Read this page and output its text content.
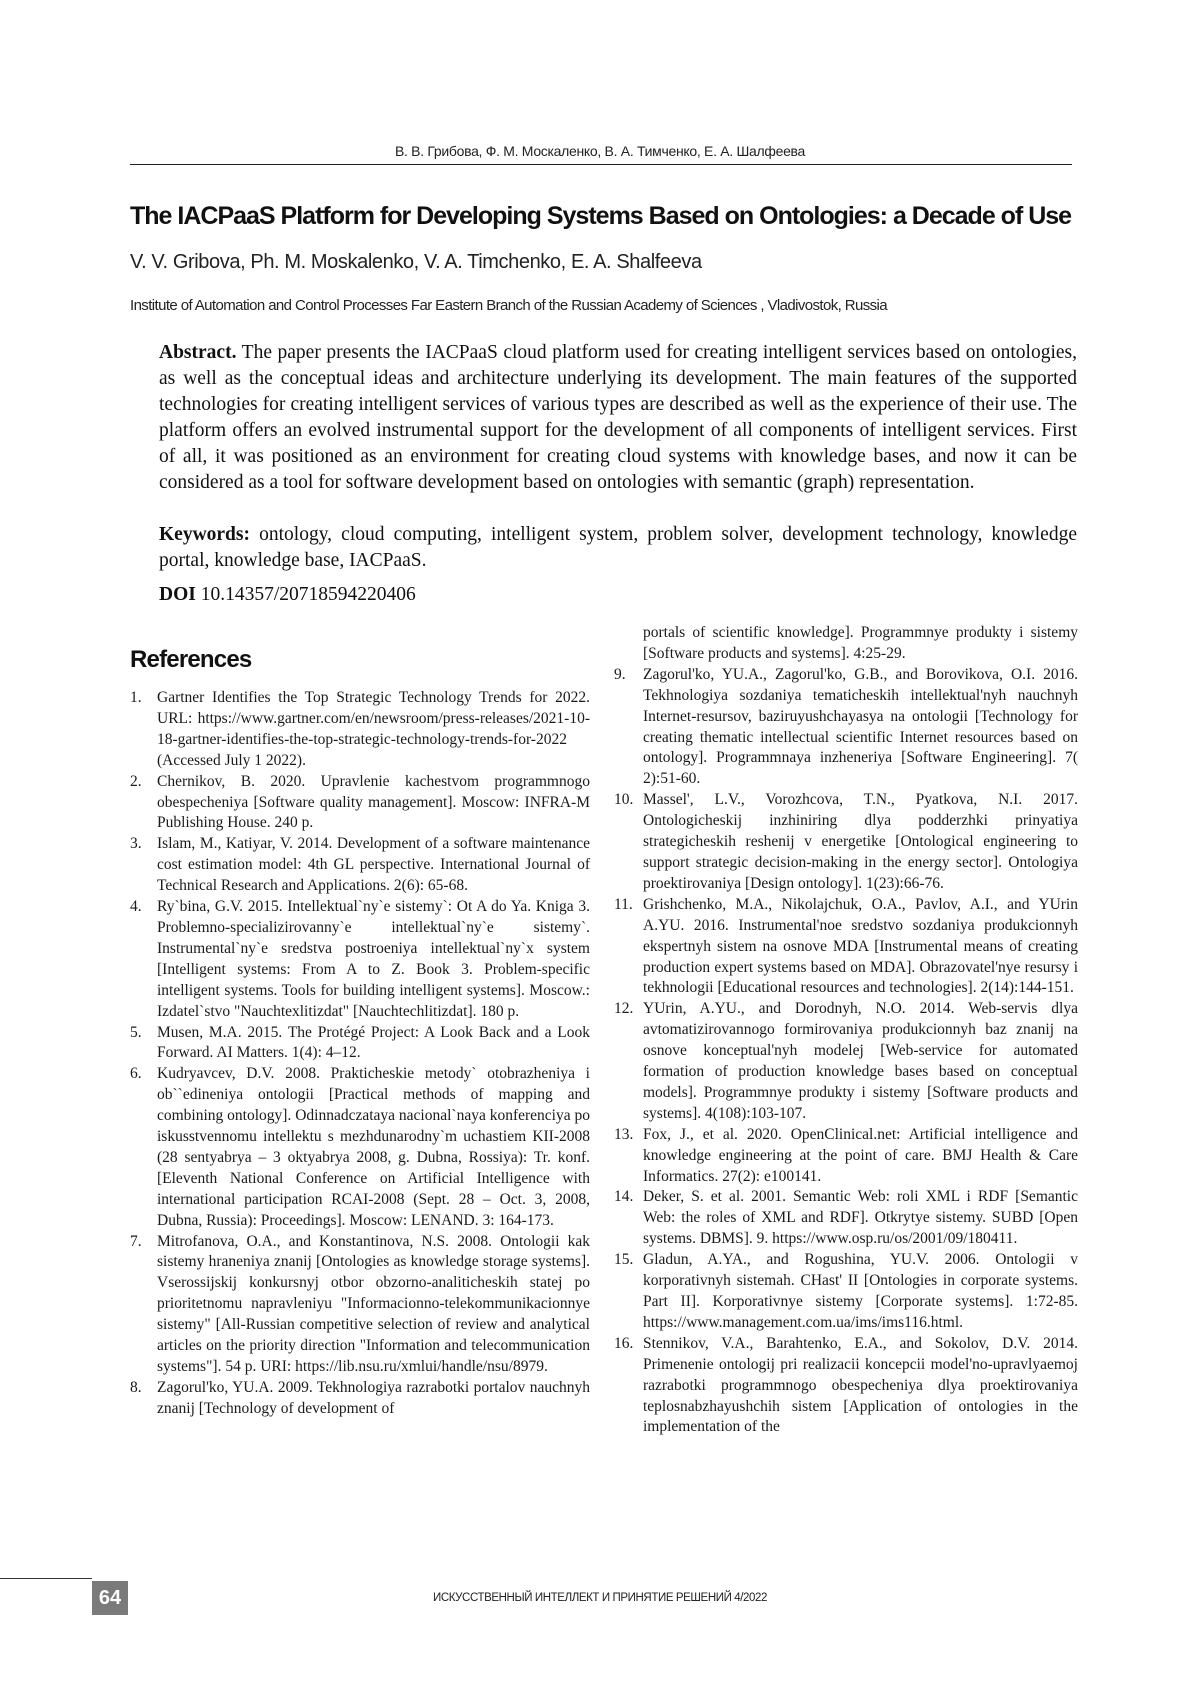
В. В. Грибова, Ф. М. Москаленко, В. А. Тимченко, Е. А. Шалфеева
The IACPaaS Platform for Developing Systems Based on Ontologies: a Decade of Use
V. V. Gribova, Ph. M. Moskalenko, V. A. Timchenko, E. A. Shalfeeva
Institute of Automation and Control Processes Far Eastern Branch of the Russian Academy of Sciences , Vladivostok, Russia

Abstract. The paper presents the IACPaaS cloud platform used for creating intelligent services based on ontologies, as well as the conceptual ideas and architecture underlying its development. The main features of the supported technologies for creating intelligent services of various types are described as well as the experience of their use. The platform offers an evolved instrumental support for the development of all components of intelligent services. First of all, it was positioned as an environment for creating cloud systems with knowledge bases, and now it can be considered as a tool for software development based on ontologies with semantic (graph) representation.

Keywords: ontology, cloud computing, intelligent system, problem solver, development technology, knowledge portal, knowledge base, IACPaaS.

DOI 10.14357/20718594220406
References
1. Gartner Identifies the Top Strategic Technology Trends for 2022. URL: https://www.gartner.com/en/newsroom/press-releases/2021-10-18-gartner-identifies-the-top-strategic-technology-trends-for-2022 (Accessed July 1 2022).
2. Chernikov, B. 2020. Upravlenie kachestvom programmnogo obespecheniya [Software quality management]. Moscow: INFRA-M Publishing House. 240 p.
3. Islam, M., Katiyar, V. 2014. Development of a software maintenance cost estimation model: 4th GL perspective. International Journal of Technical Research and Applications. 2(6): 65-68.
4. Ry`bina, G.V. 2015. Intellektual`ny`e sistemy`: Ot A do Ya. Kniga 3. Problemno-specializirovanny`e intellektual`ny`e sistemy`. Instrumental`ny`e sredstva postroeniya intellektual`ny`x system [Intelligent systems: From A to Z. Book 3. Problem-specific intelligent systems. Tools for building intelligent systems]. Moscow.: Izdatel`stvo "Nauchtexlitizdat" [Nauchtechlitizdat]. 180 p.
5. Musen, M.A. 2015. The Protégé Project: A Look Back and a Look Forward. AI Matters. 1(4): 4–12.
6. Kudryavcev, D.V. 2008. Prakticheskie metody` otobrazheniya i ob``edineniya ontologii [Practical methods of mapping and combining ontology]. Odinnadczataya nacional`naya konferenciya po iskusstvennomu intellektu s mezhdunarodny`m uchastiem KII-2008 (28 sentyabrya – 3 oktyabrya 2008, g. Dubna, Rossiya): Tr. konf. [Eleventh National Conference on Artificial Intelligence with international participation RCAI-2008 (Sept. 28 – Oct. 3, 2008, Dubna, Russia): Proceedings]. Moscow: LENAND. 3: 164-173.
7. Mitrofanova, O.A., and Konstantinova, N.S. 2008. Ontologii kak sistemy hraneniya znanij [Ontologies as knowledge storage systems]. Vserossijskij konkursnyj otbor obzorno-analiticheskih statej po prioritetnomu napravleniyu "Informacionno-telekommunikacionnye sistemy" [All-Russian competitive selection of review and analytical articles on the priority direction "Information and telecommunication systems"]. 54 p. URI: https://lib.nsu.ru/xmlui/handle/nsu/8979.
8. Zagorul'ko, YU.A. 2009. Tekhnologiya razrabotki portalov nauchnyh znanij [Technology of development of
portals of scientific knowledge]. Programmnye produkty i sistemy [Software products and systems]. 4:25-29.
9.	Zagorul'ko, YU.A., Zagorul'ko, G.B., and Borovikova, O.I. 2016. Tekhnologiya sozdaniya tematicheskih intellektual'nyh nauchnyh Internet-resursov, baziruyushchayasya na ontologii [Technology for creating thematic intellectual scientific Internet resources based on ontology]. Programmnaya inzheneriya [Software Engineering]. 7( 2):51-60.
10. Massel', L.V., Vorozhcova, T.N., Pyatkova, N.I. 2017. Ontologicheskij inzhiniring dlya podderzhki prinyatiya strategicheskih reshenij v energetike [Ontological engineering to support strategic decision-making in the energy sector]. Ontologiya proektirovaniya [Design ontology]. 1(23):66-76.
11. Grishchenko, M.A., Nikolajchuk, O.A., Pavlov, A.I., and YUrin A.YU. 2016. Instrumental'noe sredstvo sozdaniya produkcionnyh ekspertnyh sistem na osnove MDA [Instrumental means of creating production expert systems based on MDA]. Obrazovatel'nye resursy i tekhnologii [Educational resources and technologies]. 2(14):144-151.
12. YUrin, A.YU., and Dorodnyh, N.O. 2014. Web-servis dlya avtomatizirovannogo formirovaniya produkcionnyh baz znanij na osnove konceptual'nyh modelej [Web-service for automated formation of production knowledge bases based on conceptual models]. Programmnye produkty i sistemy [Software products and systems]. 4(108):103-107.
13. Fox, J., et al. 2020. OpenClinical.net: Artificial intelligence and knowledge engineering at the point of care. BMJ Health & Care Informatics. 27(2): e100141.
14. Deker, S. et al. 2001. Semantic Web: roli XML i RDF [Semantic Web: the roles of XML and RDF]. Otkrytye sistemy. SUBD [Open systems. DBMS]. 9. https://www.osp.ru/os/2001/09/180411.
15. Gladun, A.YA., and Rogushina, YU.V. 2006. Ontologii v korporativnyh sistemah. CHast' II [Ontologies in corporate systems. Part II]. Korporativnye sistemy [Corporate systems]. 1:72-85. https://www.management.com.ua/ims/ims116.html.
16. Stennikov, V.A., Barahtenko, E.A., and Sokolov, D.V. 2014. Primenenie ontologij pri realizacii koncepcii model'no-upravlyaemoj razrabotki programmnogo obespecheniya dlya proektirovaniya teplosnabzhayushchih sistem [Application of ontologies in the implementation of the
64	ИСКУССТВЕННЫЙ ИНТЕЛЛЕКТ И ПРИНЯТИЕ РЕШЕНИЙ 4/2022
